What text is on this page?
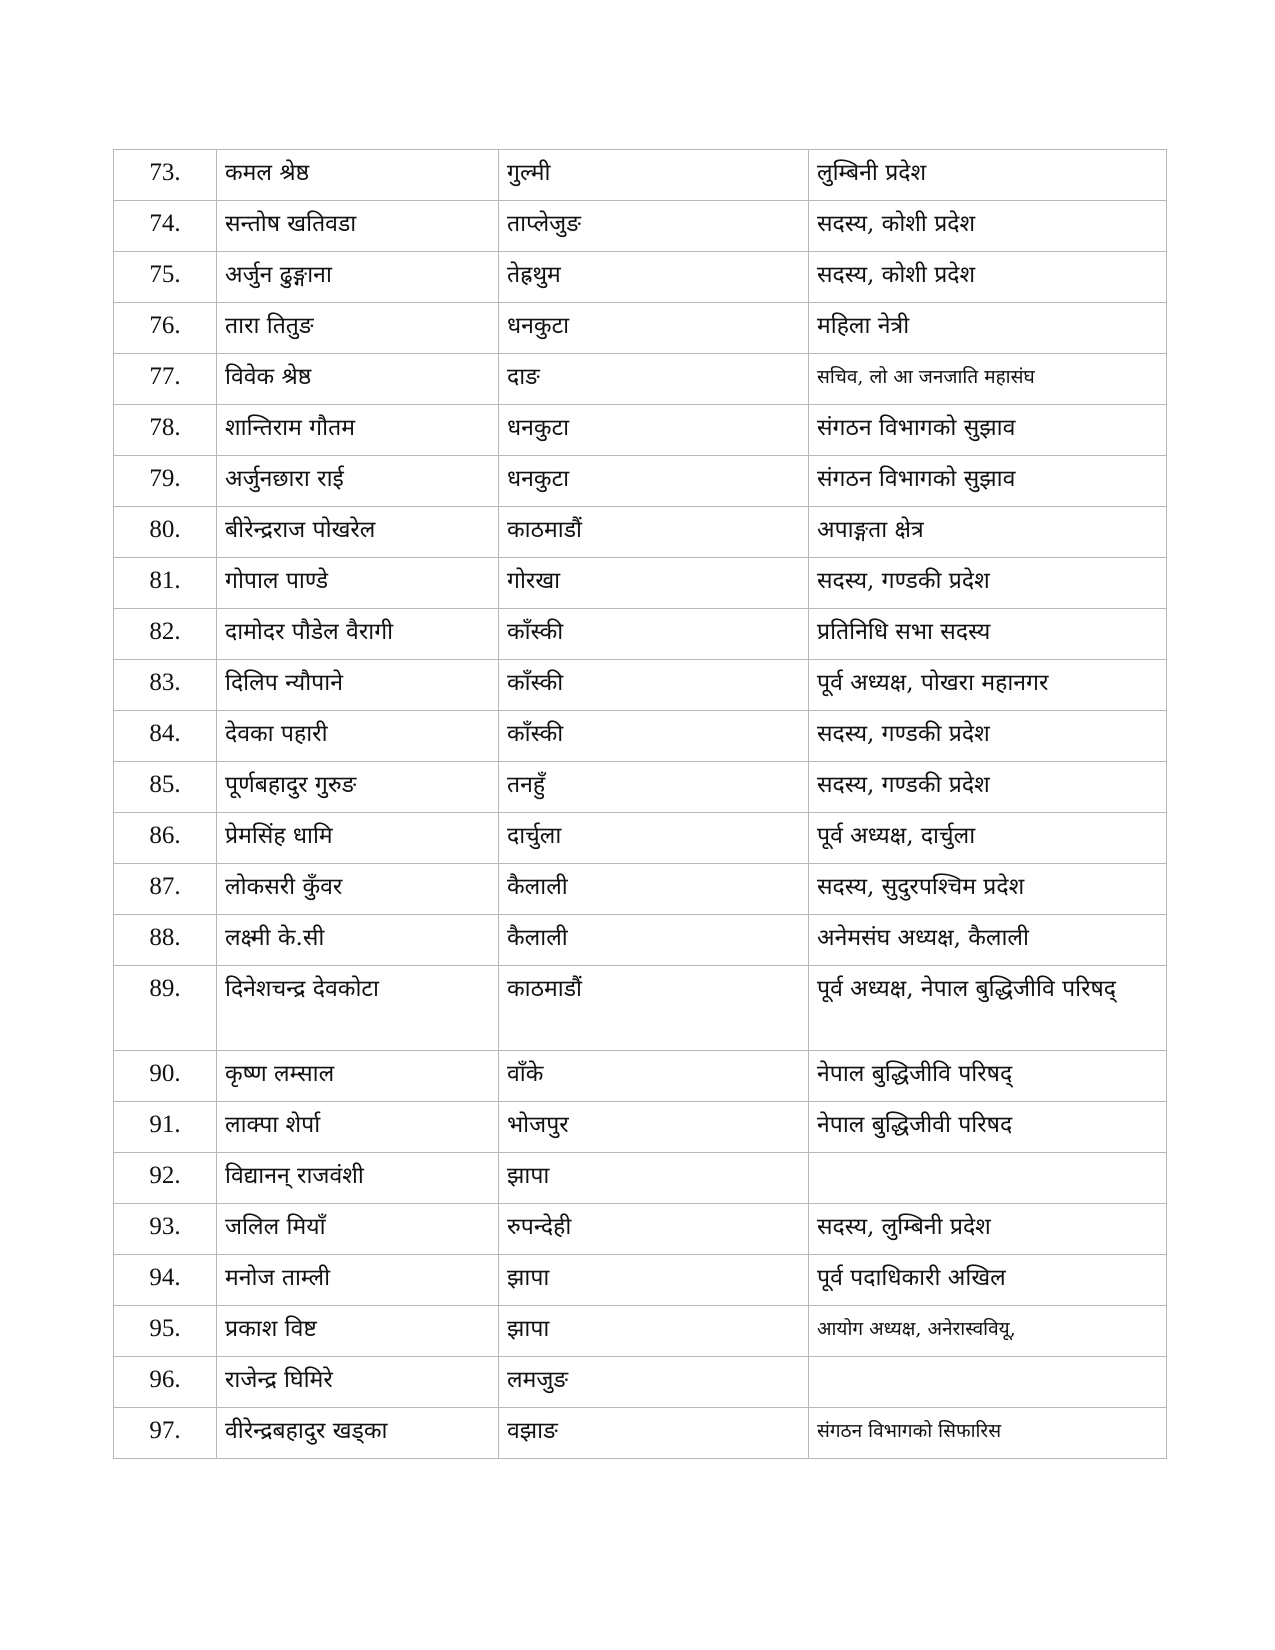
73.	कमल श्रेष्ठ	गुल्मी	लुम्बिनी प्रदेश
74.	सन्तोष खतिवडा	ताप्लेजुङ	सदस्य, कोशी प्रदेश
75.	अर्जुन ढुङ्गाना	तेह्रथुम	सदस्य, कोशी प्रदेश
76.	तारा तितुङ	धनकुटा	महिला नेत्री
77.	विवेक श्रेष्ठ	दाङ	सचिव, लो आ जनजाति महासंघ
78.	शान्तिराम गौतम	धनकुटा	संगठन विभागको सुझाव
79.	अर्जुनछारा राई	धनकुटा	संगठन विभागको सुझाव
80.	बीरेन्द्रराज पोखरेल	काठमाडौं	अपाङ्गता क्षेत्र
81.	गोपाल पाण्डे	गोरखा	सदस्य, गण्डकी प्रदेश
82.	दामोदर पौडेल वैरागी	काँस्की	प्रतिनिधि सभा सदस्य
83.	दिलिप न्यौपाने	काँस्की	पूर्व अध्यक्ष, पोखरा महानगर
84.	देवका पहारी	काँस्की	सदस्य, गण्डकी प्रदेश
85.	पूर्णबहादुर गुरुङ	तनहुँ	सदस्य, गण्डकी प्रदेश
86.	प्रेमसिंह धामि	दार्चुला	पूर्व अध्यक्ष, दार्चुला
87.	लोकसरी कुँवर	कैलाली	सदस्य, सुदुरपश्चिम प्रदेश
88.	लक्ष्मी के.सी	कैलाली	अनेमसंघ अध्यक्ष, कैलाली
89.	दिनेशचन्द्र देवकोटा	काठमाडौं	पूर्व अध्यक्ष, नेपाल बुद्धिजीवि परिषद्
90.	कृष्ण लम्साल	वाँके	नेपाल बुद्धिजीवि परिषद्
91.	लाक्पा शेर्पा	भोजपुर	नेपाल बुद्धिजीवी परिषद
92.	विद्यानन् राजवंशी	झापा	
93.	जलिल मियाँ	रुपन्देही	सदस्य, लुम्बिनी प्रदेश
94.	मनोज ताम्ली	झापा	पूर्व पदाधिकारी अखिल
95.	प्रकाश विष्ट	झापा	आयोग अध्यक्ष, अनेरास्ववियू,
96.	राजेन्द्र घिमिरे	लमजुङ	
97.	वीरेन्द्रबहादुर खड्का	वझाङ	संगठन विभागको सिफारिस
